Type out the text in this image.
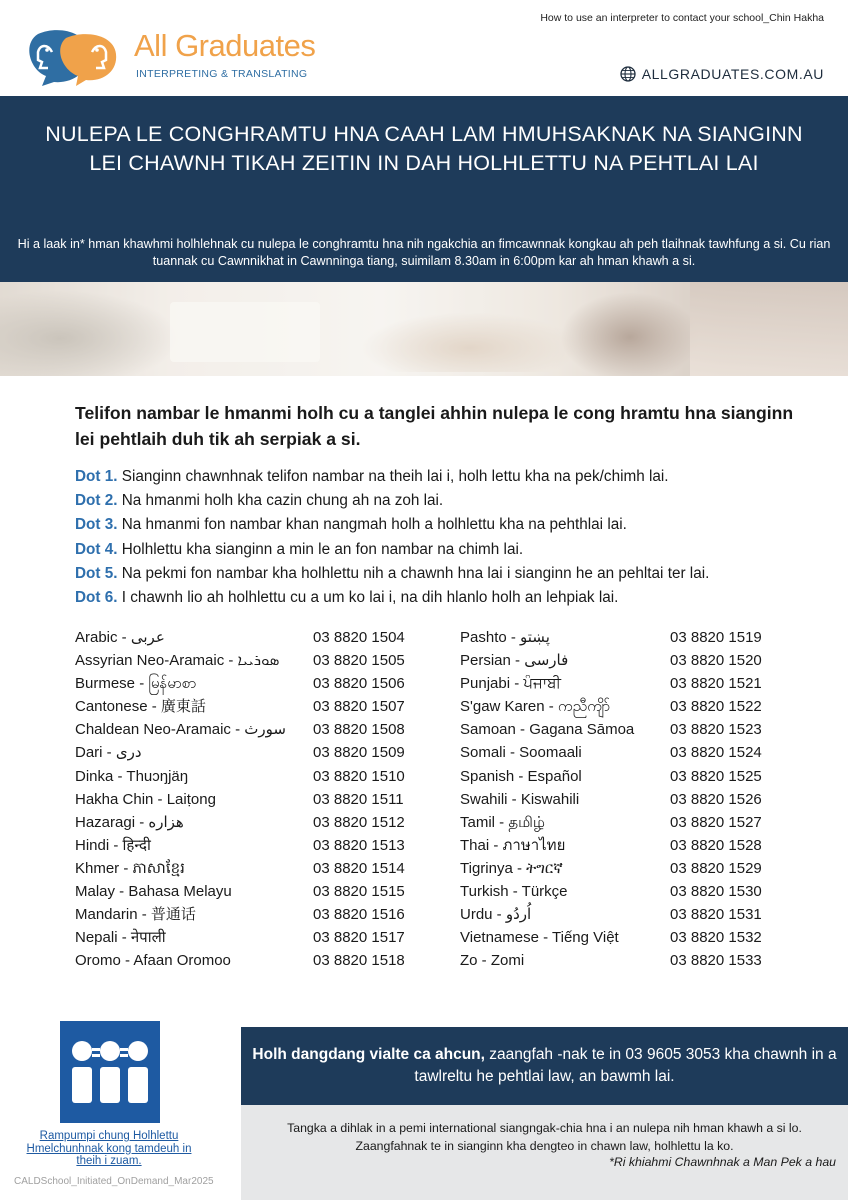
How to use an interpreter to contact your school_Chin Hakha
All Graduates
INTERPRETING & TRANSLATING	ALLGRADUATES.COM.AU
NULEPA LE CONGHRAMTU HNA CAAH LAM HMUHSAKNAK NA SIANGINN LEI CHAWNH TIKAH ZEITIN IN DAH HOLHLETTU NA PEHTLAI LAI

Hi a laak in* hman khawhmi holhlehnak cu nulepa le conghramtu hna nih ngakchia an fimcawnnak kongkau ah peh tlaihnak tawhfung a si. Cu rian tuannak cu Cawnnikhat in Cawnninga tiang, suimilam 8.30am in 6:00pm kar ah hman khawh a si.

Telifon nambar le hmanmi holh cu a tanglei ahhin nulepa le cong hramtu hna sianginn lei pehtlaih duh tik ah serpiak a si.
Dot 1. Sianginn chawnhnak telifon nambar na theih lai i, holh lettu kha na pek/chimh lai.
Dot 2. Na hmanmi holh kha cazin chung ah na zoh lai.
Dot 3. Na hmanmi fon nambar khan nangmah holh a holhlettu kha na pehthlai lai.
Dot 4. Holhlettu kha sianginn a min le an fon nambar na chimh lai.
Dot 5. Na pekmi fon nambar kha holhlettu nih a chawnh hna lai i sianginn he an pehltai ter lai.
Dot 6. I chawnh lio ah holhlettu cu a um ko lai i, na dih hlanlo holh an lehpiak lai.
Arabic - عربى	03 8820 1504
Assyrian Neo-Aramaic - ܣܘܪܝܝܐ 03 8820 1505
Burmese - မြန်မာစာ	03 8820 1506
Cantonese - 廣東話	03 8820 1507
Chaldean Neo-Aramaic - سورث 03 8820 1508
Dari - دری	03 8820 1509
Dinka - Thuɔŋjäŋ	03 8820 1510
Hakha Chin - Laiṭong	03 8820 1511
Hazaragi - هزاره	03 8820 1512
Hindi - हिन्दी	03 8820 1513
Khmer - ភាសាខ្មែរ	03 8820 1514
Malay - Bahasa Melayu	03 8820 1515
Mandarin - 普通话	03 8820 1516
Nepali - नेपाली	03 8820 1517
Oromo - Afaan Oromoo	03 8820 1518
Pashto - پښتو	03 8820 1519
Persian - فارسی	03 8820 1520
Punjabi - ਪੰਜਾਬੀ	03 8820 1521
S'gaw Karen - ကညီကျိာ်	03 8820 1522
Samoan - Gagana Sāmoa 03 8820 1523
Somali - Soomaali	03 8820 1524
Spanish - Español	03 8820 1525
Swahili - Kiswahili	03 8820 1526
Tamil - தமிழ்	03 8820 1527
Thai - ภาษาไทย	03 8820 1528
Tigrinya - ትግርኛ	03 8820 1529
Turkish - Türkçe	03 8820 1530
Urdu - اُردُو	03 8820 1531
Vietnamese - Tiếng Việt	03 8820 1532
Zo - Zomi	03 8820 1533
Rampumpi chung Holhlettu Hmelchunhnak kong tamdeuh in theih i zuam.
CALDSchool_Initiated_OnDemand_Mar2025

Holh dangdang vialte ca ahcun, zaangfah -nak te in 03 9605 3053 kha chawnh in a tawlreltu he pehtlai law, an bawmh lai.

Tangka a dihlak in a pemi international siangngak-chia hna i an nulepa nih hman khawh a si lo.
Zaangfahnak te in sianginn kha dengteo in chawn law, holhlettu la ko.
*Ri khiahmi Chawnhnak a Man Pek a hau
